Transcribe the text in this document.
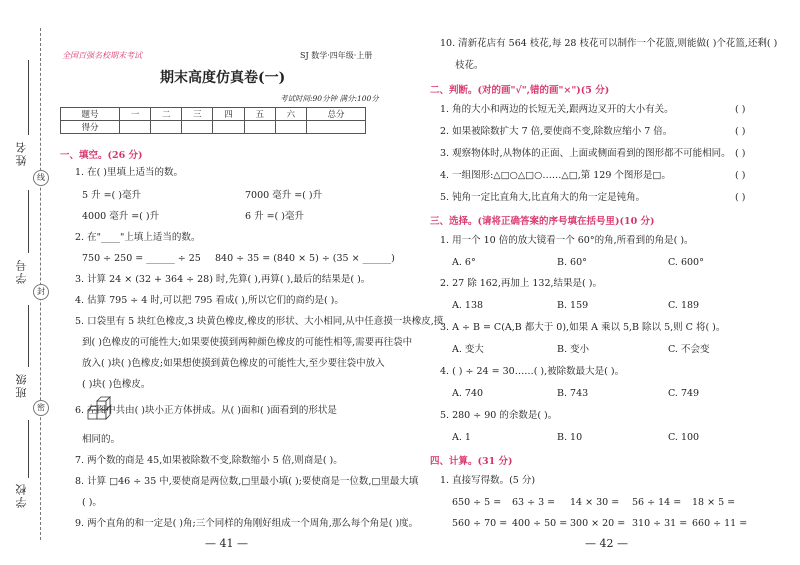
姓名
线
学号
封
班级
密
学校
全国百强名校期末考试	SJ 数学·四年级·上册
期末高度仿真卷(一)
考试时间:90分钟 满分:100分
题号	一	二	三	四	五	六	总分
得分							
一、填空。(26 分)
1. 在( )里填上适当的数。
5 升 =( )毫升	7000 毫升 =( )升
4000 毫升 =( )升	6 升 =( )毫升
2. 在"____"上填上适当的数。
750 ÷ 250 = ______ ÷ 25 840 ÷ 35 = (840 × 5) ÷ (35 × ______)
3. 计算 24 × (32 + 364 ÷ 28) 时,先算( ),再算( ),最后的结果是( )。
4. 估算 795 ÷ 4 时,可以把 795 看成( ),所以它们的商约是( )。
5. 口袋里有 5 块红色橡皮,3 块黄色橡皮,橡皮的形状、大小相同,从中任意摸一块橡皮,摸
到( )色橡皮的可能性大;如果要使摸到两种颜色橡皮的可能性相等,需要再往袋中
放入( )块( )色橡皮;如果想使摸到黄色橡皮的可能性大,至少要往袋中放入
( )块( )色橡皮。
6. 左图中共由( )块小正方体拼成。从( )面和( )面看到的形状是
相同的。
7. 两个数的商是 45,如果被除数不变,除数缩小 5 倍,则商是( )。
8. 计算 □46 ÷ 35 中,要使商是两位数,□里最小填( );要使商是一位数,□里最大填
( )。
9. 两个直角的和一定是( )角;三个同样的角刚好组成一个周角,那么每个角是( )度。
— 41 —
10. 清新花店有 564 枝花,每 28 枝花可以制作一个花篮,则能做( )个花篮,还剩( )
枝花。
二、判断。(对的画"√",错的画"×")(5 分)
1. 角的大小和两边的长短无关,跟两边叉开的大小有关。	( )
2. 如果被除数扩大 7 倍,要使商不变,除数应缩小 7 倍。	( )
3. 观察物体时,从物体的正面、上面或侧面看到的图形都不可能相同。 ( )
4. 一组图形:△□○△□○……△□,第 129 个图形是□。	( )
5. 钝角一定比直角大,比直角大的角一定是钝角。	( )
三、选择。(请将正确答案的序号填在括号里)(10 分)
1. 用一个 10 倍的放大镜看一个 60°的角,所看到的角是( )。
A. 6°	B. 60°	C. 600°
2. 27 除 162,再加上 132,结果是( )。
A. 138	B. 159	C. 189
3. A ÷ B = C(A,B 都大于 0),如果 A 乘以 5,B 除以 5,则 C 将( )。
A. 变大	B. 变小	C. 不会变
4. ( ) ÷ 24 = 30……( ),被除数最大是( )。
A. 740	B. 743	C. 749
5. 280 ÷ 90 的余数是( )。
A. 1	B. 10	C. 100
四、计算。(31 分)
1. 直接写得数。(5 分)
650 ÷ 5 = 63 ÷ 3 = 14 × 30 = 56 ÷ 14 = 18 × 5 =
560 ÷ 70 = 400 ÷ 50 = 300 × 20 = 310 ÷ 31 = 660 ÷ 11 =
— 42 —
